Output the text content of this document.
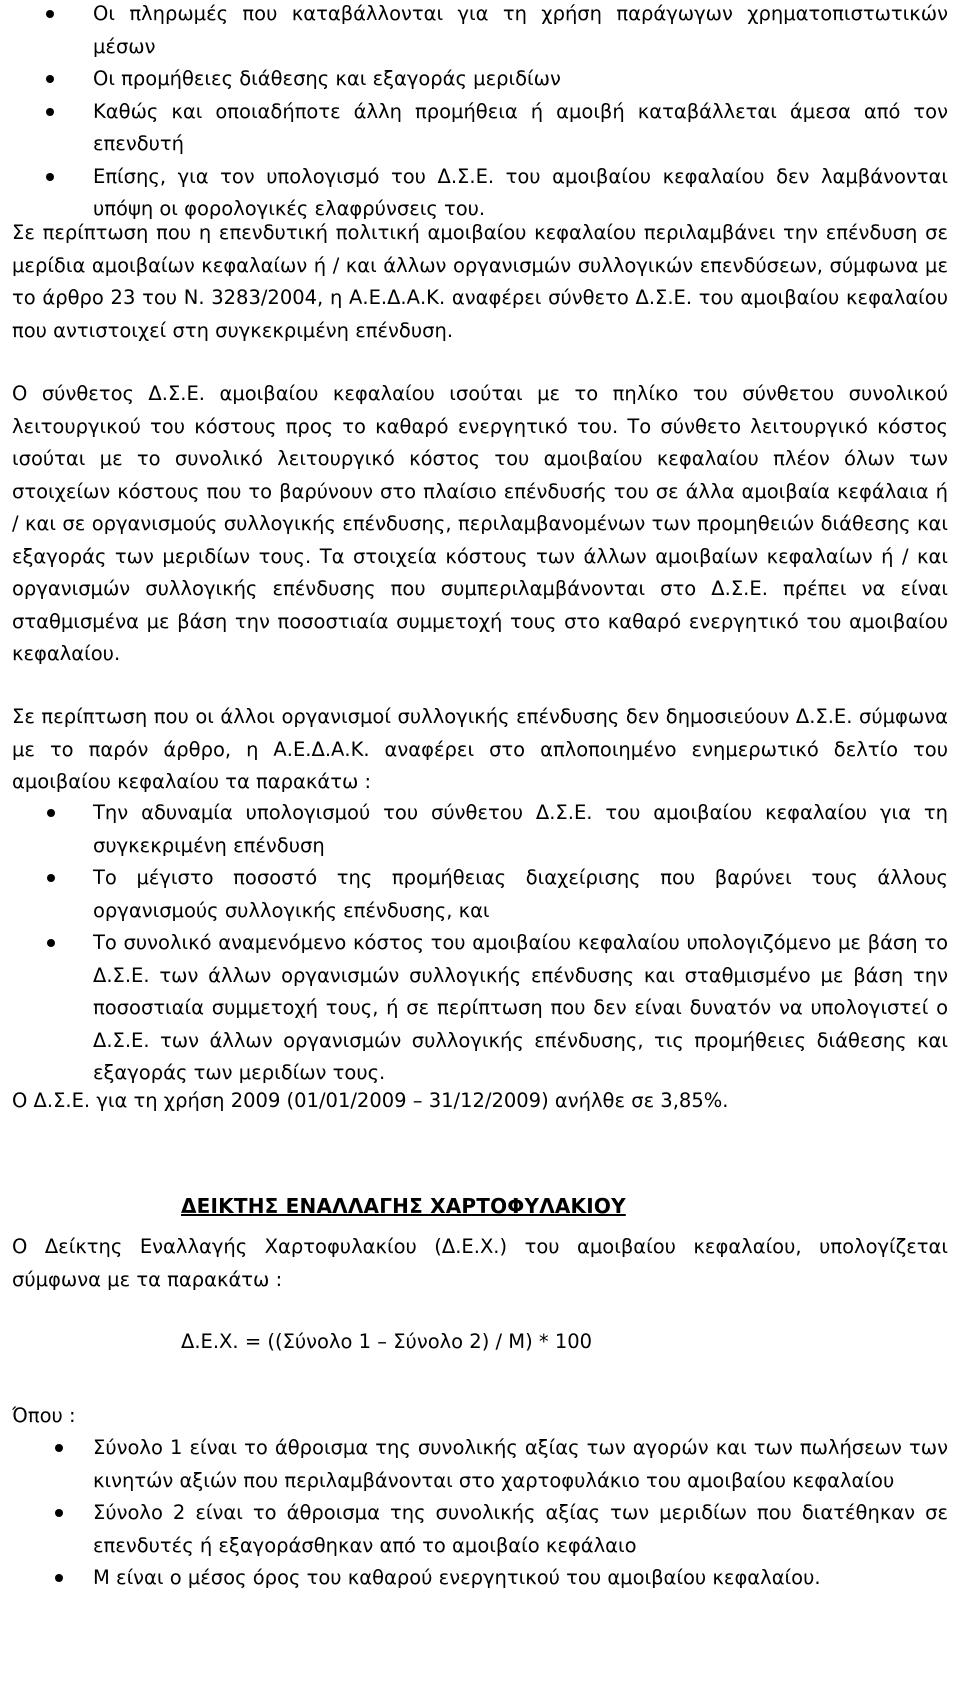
Οι πληρωμές που καταβάλλονται για τη χρήση παράγωγων χρηματοπιστωτικών μέσων
Οι προμήθειες διάθεσης και εξαγοράς μεριδίων
Καθώς και οποιαδήποτε άλλη προμήθεια ή αμοιβή καταβάλλεται άμεσα από τον επενδυτή
Επίσης, για τον υπολογισμό του Δ.Σ.Ε. του αμοιβαίου κεφαλαίου δεν λαμβάνονται υπόψη οι φορολογικές ελαφρύνσεις του.

Σε περίπτωση που η επενδυτική πολιτική αμοιβαίου κεφαλαίου περιλαμβάνει την επένδυση σε μερίδια αμοιβαίων κεφαλαίων ή / και άλλων οργανισμών συλλογικών επενδύσεων, σύμφωνα με το άρθρο 23 του Ν. 3283/2004, η Α.Ε.Δ.Α.Κ. αναφέρει σύνθετο Δ.Σ.Ε. του αμοιβαίου κεφαλαίου που αντιστοιχεί στη συγκεκριμένη επένδυση.

Ο σύνθετος Δ.Σ.Ε. αμοιβαίου κεφαλαίου ισούται με το πηλίκο του σύνθετου συνολικού λειτουργικού του κόστους προς το καθαρό ενεργητικό του. Το σύνθετο λειτουργικό κόστος ισούται με το συνολικό λειτουργικό κόστος του αμοιβαίου κεφαλαίου πλέον όλων των στοιχείων κόστους που το βαρύνουν στο πλαίσιο επένδυσής του σε άλλα αμοιβαία κεφάλαια ή / και σε οργανισμούς συλλογικής επένδυσης, περιλαμβανομένων των προμηθειών διάθεσης και εξαγοράς των μεριδίων τους. Τα στοιχεία κόστους των άλλων αμοιβαίων κεφαλαίων ή / και οργανισμών συλλογικής επένδυσης που συμπεριλαμβάνονται στο Δ.Σ.Ε. πρέπει να είναι σταθμισμένα με βάση την ποσοστιαία συμμετοχή τους στο καθαρό ενεργητικό του αμοιβαίου κεφαλαίου.

Σε περίπτωση που οι άλλοι οργανισμοί συλλογικής επένδυσης δεν δημοσιεύουν Δ.Σ.Ε. σύμφωνα με το παρόν άρθρο, η Α.Ε.Δ.Α.Κ. αναφέρει στο απλοποιημένο ενημερωτικό δελτίο του αμοιβαίου κεφαλαίου τα παρακάτω :

Την αδυναμία υπολογισμού του σύνθετου Δ.Σ.Ε. του αμοιβαίου κεφαλαίου για τη συγκεκριμένη επένδυση
Το μέγιστο ποσοστό της προμήθειας διαχείρισης που βαρύνει τους άλλους οργανισμούς συλλογικής επένδυσης, και
Το συνολικό αναμενόμενο κόστος του αμοιβαίου κεφαλαίου υπολογιζόμενο με βάση το Δ.Σ.Ε. των άλλων οργανισμών συλλογικής επένδυσης και σταθμισμένο με βάση την ποσοστιαία συμμετοχή τους, ή σε περίπτωση που δεν είναι δυνατόν να υπολογιστεί ο Δ.Σ.Ε. των άλλων οργανισμών συλλογικής επένδυσης, τις προμήθειες διάθεσης και εξαγοράς των μεριδίων τους.

Ο Δ.Σ.Ε. για τη χρήση 2009 (01/01/2009 – 31/12/2009) ανήλθε σε 3,85%.

ΔΕΙΚΤΗΣ ΕΝΑΛΛΑΓΗΣ ΧΑΡΤΟΦΥΛΑΚΙΟΥ

Ο Δείκτης Εναλλαγής Χαρτοφυλακίου (Δ.Ε.Χ.) του αμοιβαίου κεφαλαίου, υπολογίζεται σύμφωνα με τα παρακάτω :

Δ.Ε.Χ. = ((Σύνολο 1 – Σύνολο 2) / Μ) * 100

Όπου :

Σύνολο 1 είναι το άθροισμα της συνολικής αξίας των αγορών και των πωλήσεων των κινητών αξιών που περιλαμβάνονται στο χαρτοφυλάκιο του αμοιβαίου κεφαλαίου
Σύνολο 2 είναι το άθροισμα της συνολικής αξίας των μεριδίων που διατέθηκαν σε επενδυτές ή εξαγοράσθηκαν από το αμοιβαίο κεφάλαιο
Μ είναι ο μέσος όρος του καθαρού ενεργητικού του αμοιβαίου κεφαλαίου.
